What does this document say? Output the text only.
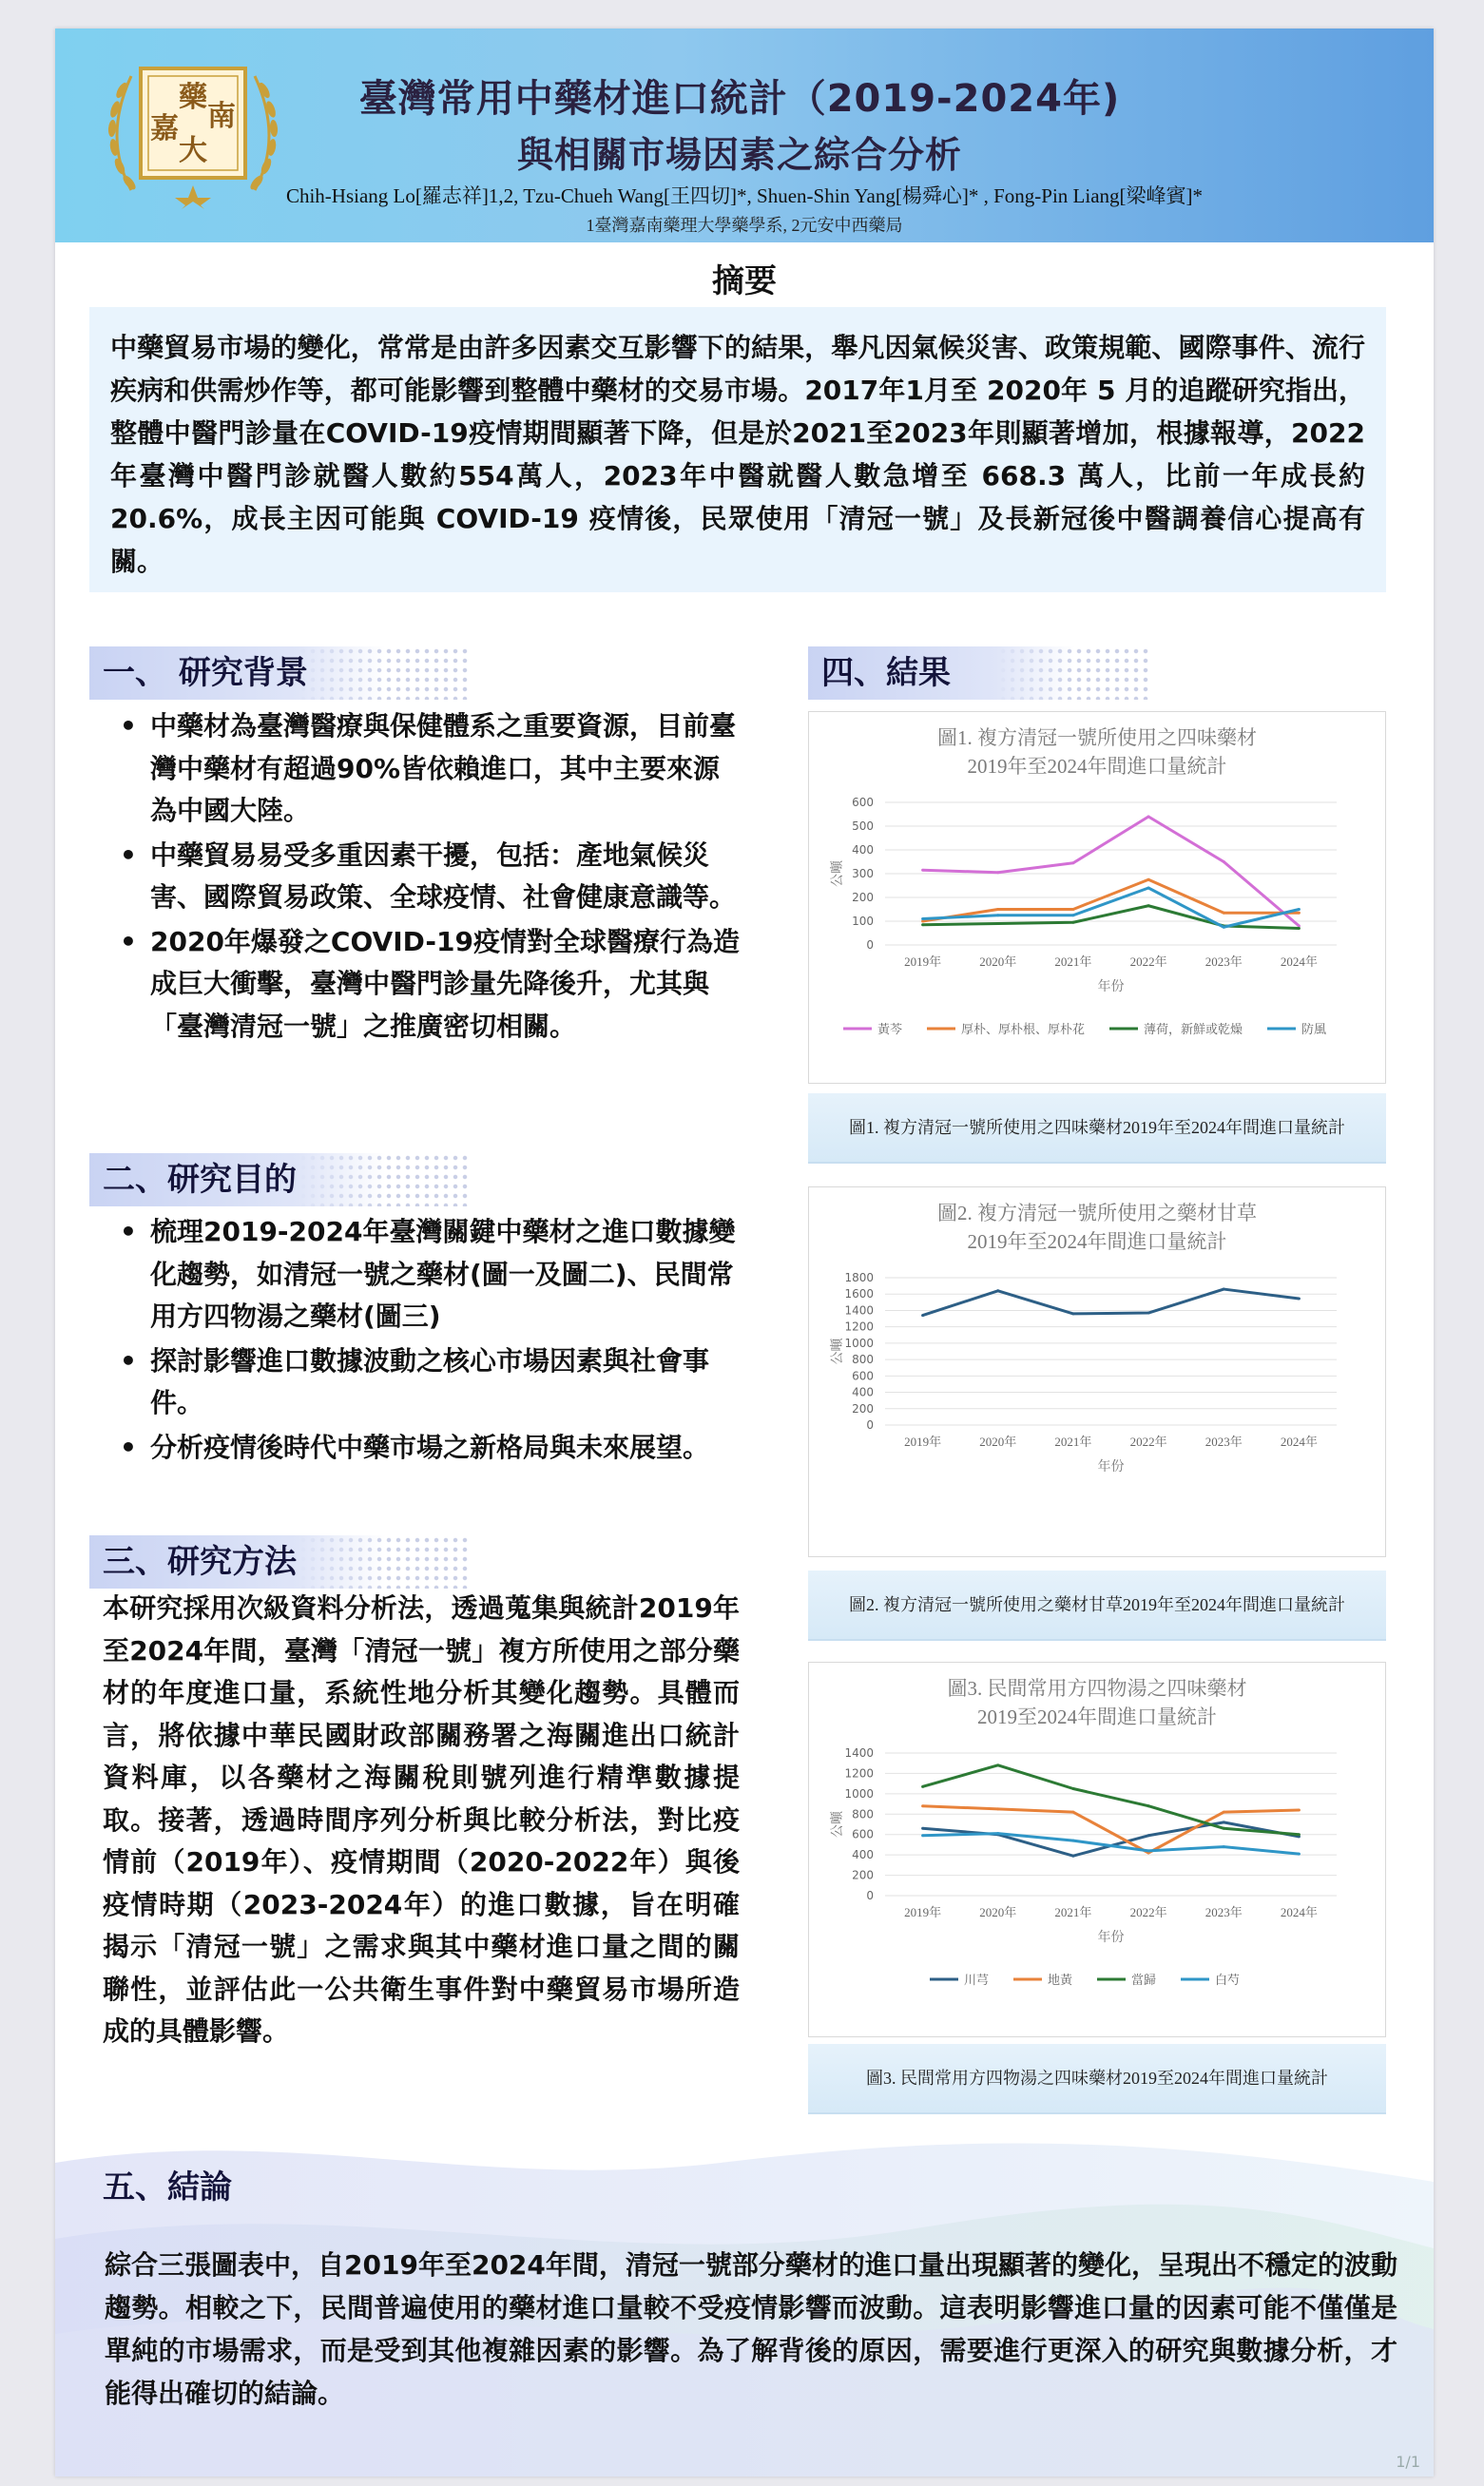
藥
嘉 南
大
臺灣常用中藥材進口統計（2019-2024年)
與相關市場因素之綜合分析
Chih-Hsiang Lo[羅志祥]1,2, Tzu-Chueh Wang[王四切]*, Shuen-Shin Yang[楊舜心]* , Fong-Pin Liang[梁峰賓]*
1臺灣嘉南藥理大學藥學系, 2元安中西藥局
摘要
中藥貿易市場的變化，常常是由許多因素交互影響下的結果，舉凡因氣候災害、政策規範、國際事件、流行疾病和供需炒作等，都可能影響到整體中藥材的交易市場。2017年1月至 2020年 5 月的追蹤研究指出，整體中醫門診量在COVID-19疫情期間顯著下降，但是於2021至2023年則顯著增加，根據報導，2022年臺灣中醫門診就醫人數約554萬人，2023年中醫就醫人數急增至 668.3 萬人，比前一年成長約 20.6%，成長主因可能與 COVID-19 疫情後，民眾使用「清冠一號」及長新冠後中醫調養信心提高有關。
一、 研究背景
• 中藥材為臺灣醫療與保健體系之重要資源，目前臺灣中藥材有超過90%皆依賴進口，其中主要來源為中國大陸。
• 中藥貿易易受多重因素干擾，包括：產地氣候災害、國際貿易政策、全球疫情、社會健康意識等。
• 2020年爆發之COVID-19疫情對全球醫療行為造成巨大衝擊，臺灣中醫門診量先降後升，尤其與「臺灣清冠一號」之推廣密切相關。
二、研究目的
• 梳理2019-2024年臺灣關鍵中藥材之進口數據變化趨勢，如清冠一號之藥材(圖一及圖二)、民間常用方四物湯之藥材(圖三)
• 探討影響進口數據波動之核心市場因素與社會事件。
• 分析疫情後時代中藥市場之新格局與未來展望。
三、研究方法
本研究採用次級資料分析法，透過蒐集與統計2019年至2024年間，臺灣「清冠一號」複方所使用之部分藥材的年度進口量，系統性地分析其變化趨勢。具體而言，將依據中華民國財政部關務署之海關進出口統計資料庫，以各藥材之海關稅則號列進行精準數據提取。接著，透過時間序列分析與比較分析法，對比疫情前（2019年）、疫情期間（2020-2022年）與後疫情時期（2023-2024年）的進口數據，旨在明確揭示「清冠一號」之需求與其中藥材進口量之間的關聯性，並評估此一公共衛生事件對中藥貿易市場所造成的具體影響。
四、結果
圖1. 複方清冠一號所使用之四味藥材
2019年至2024年間進口量統計
0
100
200
300
400
500
600
2019年	2020年	2021年	2022年	2023年	2024年
年份
公噸
黃芩	厚朴、厚朴根、厚朴花	薄荷，新鮮或乾燥	防風
圖1. 複方清冠一號所使用之四味藥材2019年至2024年間進口量統計
圖2. 複方清冠一號所使用之藥材甘草
2019年至2024年間進口量統計
0
200
400
600
800
1000
1200
1400
1600
1800
2019年	2020年	2021年	2022年	2023年	2024年
年份
公噸
圖2. 複方清冠一號所使用之藥材甘草2019年至2024年間進口量統計
圖3. 民間常用方四物湯之四味藥材
2019至2024年間進口量統計
0
200
400
600
800
1000
1200
1400
2019年	2020年	2021年	2022年	2023年	2024年
年份
公噸
川芎	地黃	當歸	白芍
圖3. 民間常用方四物湯之四味藥材2019至2024年間進口量統計
五、結論
綜合三張圖表中，自2019年至2024年間，清冠一號部分藥材的進口量出現顯著的變化，呈現出不穩定的波動趨勢。相較之下，民間普遍使用的藥材進口量較不受疫情影響而波動。這表明影響進口量的因素可能不僅僅是單純的市場需求，而是受到其他複雜因素的影響。為了解背後的原因，需要進行更深入的研究與數據分析，才能得出確切的結論。
1/1
